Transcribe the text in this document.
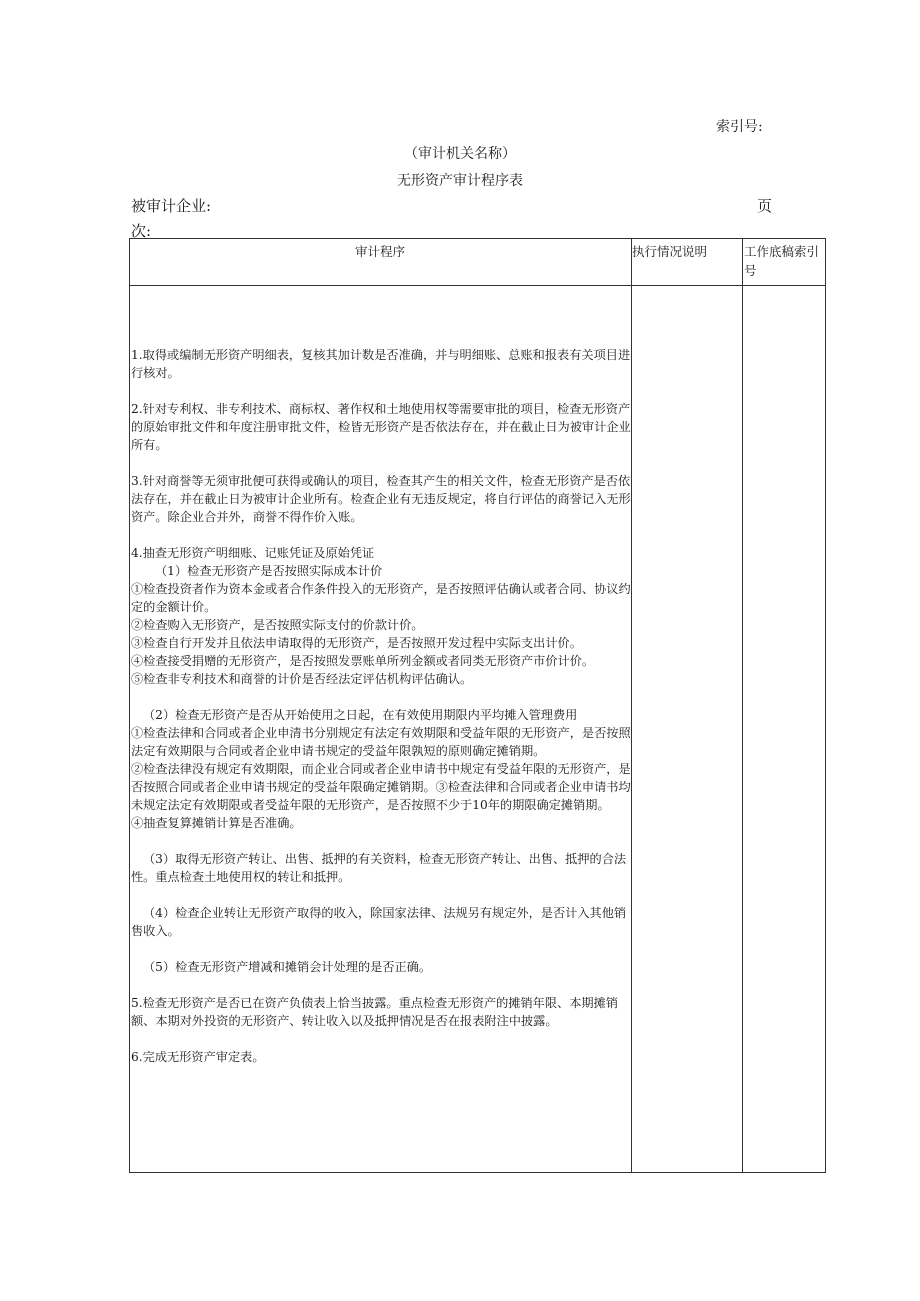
索引号:
（审计机关名称）
无形资产审计程序表
被审计企业:	页
次:
审计程序	执行情况说明	工作底稿索引号

1.取得或编制无形资产明细表，复核其加计数是否准确，并与明细账、总账和报表有关项目进行核对。

2.针对专利权、非专利技术、商标权、著作权和土地使用权等需要审批的项目，检查无形资产的原始审批文件和年度注册审批文件，检皆无形资产是否依法存在，并在截止日为被审计企业所有。

3.针对商誉等无须审批便可获得或确认的项目，检查其产生的相关文件，检查无形资产是否依法存在，并在截止日为被审计企业所有。检查企业有无违反规定，将自行评估的商誉记入无形资产。除企业合并外，商誉不得作价入账。

4.抽查无形资产明细账、记账凭证及原始凭证

（1）检查无形资产是否按照实际成本计价

①检查投资者作为资本金或者合作条件投入的无形资产，是否按照评估确认或者合同、协议约定的金额计价。

②检查购入无形资产，是否按照实际支付的价款计价。

③检查自行开发并且依法申请取得的无形资产，是否按照开发过程中实际支出计价。

④检查接受捐赠的无形资产，是否按照发票账单所列金额或者同类无形资产市价计价。

⑤检查非专利技术和商誉的计价是否经法定评估机构评估确认。

（2）检查无形资产是否从开始使用之日起，在有效使用期限内平均摊入管理费用

①检查法律和合同或者企业申清书分别规定有法定有效期限和受益年限的无形资产，是否按照法定有效期限与合同或者企业申请书规定的受益年限孰短的原则确定摊销期。

②检查法律没有规定有效期限，而企业合同或者企业申请书中规定有受益年限的无形资产，是否按照合同或者企业申请书规定的受益年限确定摊销期。③检查法律和合同或者企业申请书均未规定法定有效期限或者受益年限的无形资产，是否按照不少于10年的期限确定摊销期。

④抽查复算摊销计算是否准确。

（3）取得无形资产转让、出售、抵押的有关资料，检查无形资产转让、出售、抵押的合法性。重点检查土地使用权的转让和抵押。

（4）检查企业转让无形资产取得的收入，除国家法律、法规另有规定外，是否计入其他销售收入。

（5）检查无形资产增减和摊销会计处理的是否正确。

5.检查无形资产是否已在资产负债表上恰当披露。重点检查无形资产的摊销年限、本期摊销额、本期对外投资的无形资产、转让收入以及抵押情况是否在报表附注中披露。

6.完成无形资产审定表。
